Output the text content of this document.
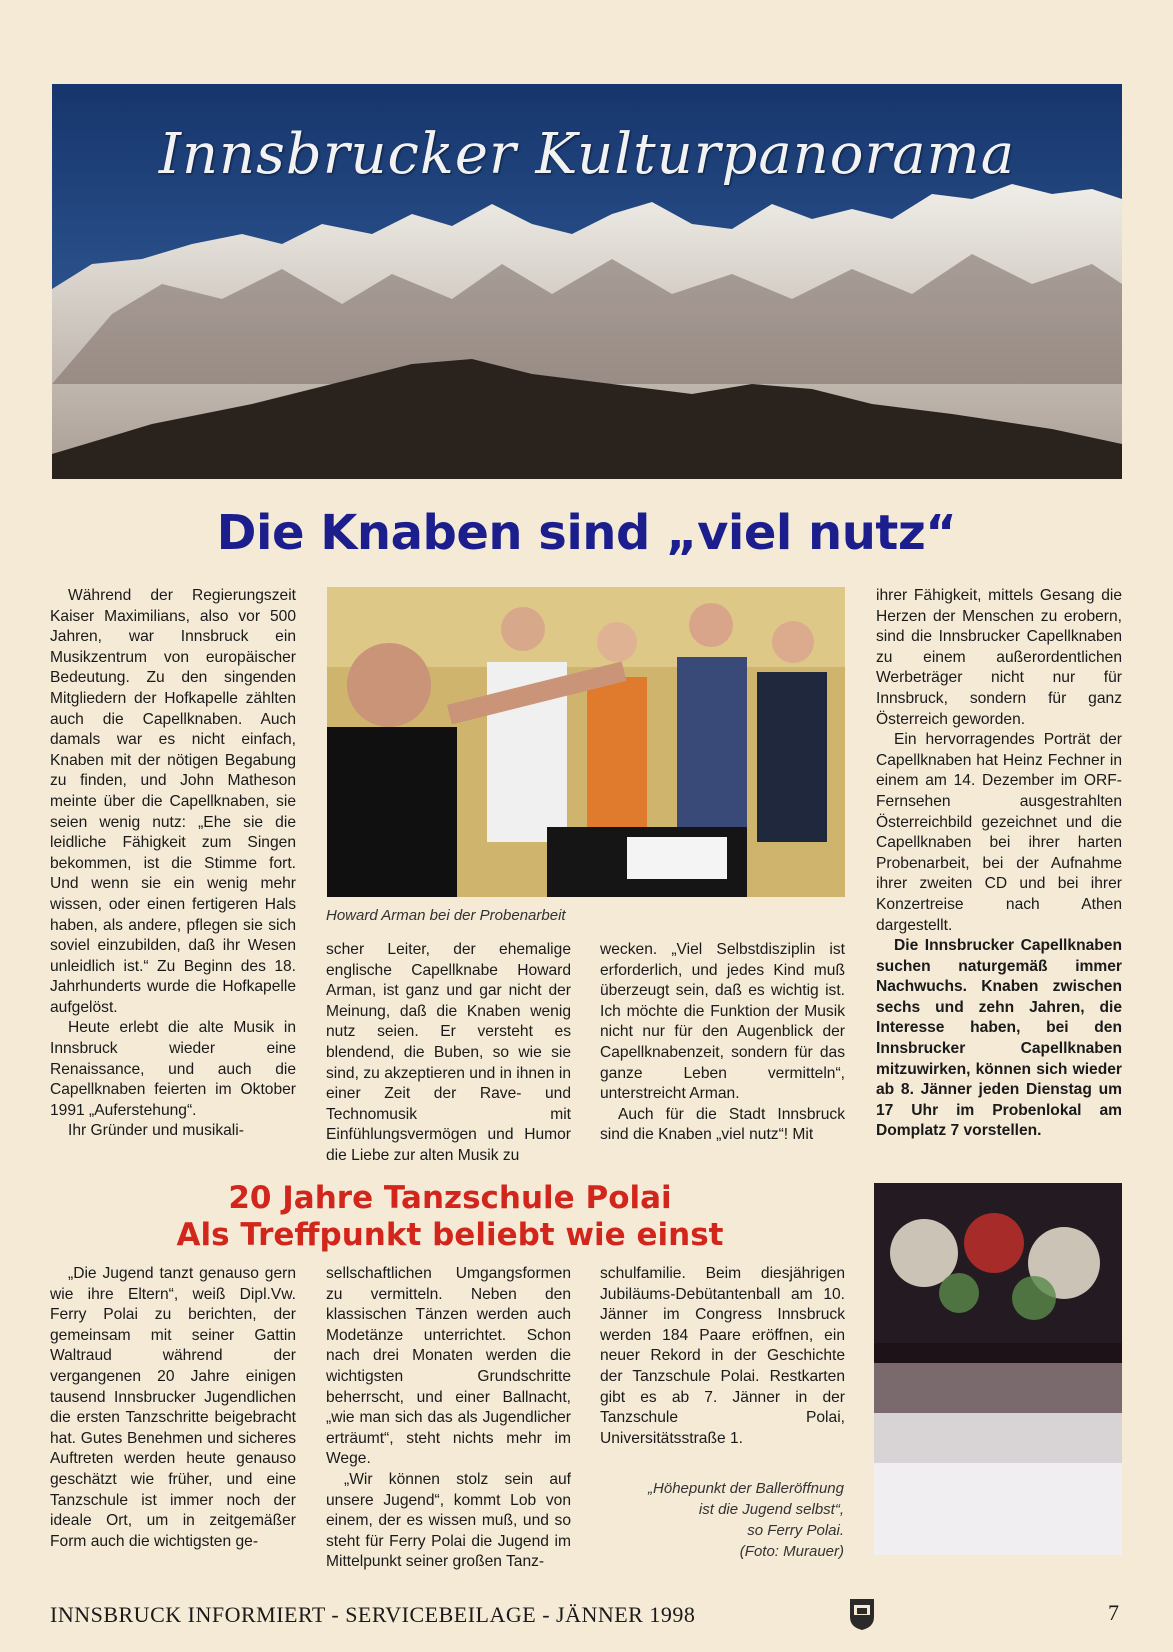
Innsbrucker Kulturpanorama
Die Knaben sind „viel nutz“

Während der Regierungszeit Kaiser Maximilians, also vor 500 Jahren, war Innsbruck ein Musikzentrum von europäischer Bedeutung. Zu den singenden Mitgliedern der Hofkapelle zählten auch die Capellknaben. Auch damals war es nicht einfach, Knaben mit der nötigen Begabung zu finden, und John Matheson meinte über die Capellknaben, sie seien wenig nutz: „Ehe sie die leidliche Fähigkeit zum Singen bekommen, ist die Stimme fort. Und wenn sie ein wenig mehr wissen, oder einen fertigeren Hals haben, als andere, pflegen sie sich soviel einzubilden, daß ihr Wesen unleidlich ist.“ Zu Beginn des 18. Jahrhunderts wurde die Hofkapelle aufgelöst.

Heute erlebt die alte Musik in Innsbruck wieder eine Renaissance, und auch die Capellknaben feierten im Oktober 1991 „Auferstehung“.

Ihr Gründer und musikali-

Howard Arman bei der Probenarbeit

scher Leiter, der ehemalige englische Capellknabe Howard Arman, ist ganz und gar nicht der Meinung, daß die Knaben wenig nutz seien. Er versteht es blendend, die Buben, so wie sie sind, zu akzeptieren und in ihnen in einer Zeit der Rave- und Technomusik mit Einfühlungsvermögen und Humor die Liebe zur alten Musik zu

wecken. „Viel Selbstdisziplin ist erforderlich, und jedes Kind muß überzeugt sein, daß es wichtig ist. Ich möchte die Funktion der Musik nicht nur für den Augenblick der Capellknabenzeit, sondern für das ganze Leben vermitteln“, unterstreicht Arman.

Auch für die Stadt Innsbruck sind die Knaben „viel nutz“! Mit

ihrer Fähigkeit, mittels Gesang die Herzen der Menschen zu erobern, sind die Innsbrucker Capellknaben zu einem außerordentlichen Werbeträger nicht nur für Innsbruck, sondern für ganz Österreich geworden.

Ein hervorragendes Porträt der Capellknaben hat Heinz Fechner in einem am 14. Dezember im ORF-Fernsehen ausgestrahlten Österreichbild gezeichnet und die Capellknaben bei ihrer harten Probenarbeit, bei der Aufnahme ihrer zweiten CD und bei ihrer Konzertreise nach Athen dargestellt.

Die Innsbrucker Capellknaben suchen naturgemäß immer Nachwuchs. Knaben zwischen sechs und zehn Jahren, die Interesse haben, bei den Innsbrucker Capellknaben mitzuwirken, können sich wieder ab 8. Jänner jeden Dienstag um 17 Uhr im Probenlokal am Domplatz 7 vorstellen.

20 Jahre Tanzschule Polai
Als Treffpunkt beliebt wie einst

„Die Jugend tanzt genauso gern wie ihre Eltern“, weiß Dipl.Vw. Ferry Polai zu berichten, der gemeinsam mit seiner Gattin Waltraud während der vergangenen 20 Jahre einigen tausend Innsbrucker Jugendlichen die ersten Tanzschritte beigebracht hat. Gutes Benehmen und sicheres Auftreten werden heute genauso geschätzt wie früher, und eine Tanzschule ist immer noch der ideale Ort, um in zeitgemäßer Form auch die wichtigsten ge-

sellschaftlichen Umgangsformen zu vermitteln. Neben den klassischen Tänzen werden auch Modetänze unterrichtet. Schon nach drei Monaten werden die wichtigsten Grundschritte beherrscht, und einer Ballnacht, „wie man sich das als Jugendlicher erträumt“, steht nichts mehr im Wege.

„Wir können stolz sein auf unsere Jugend“, kommt Lob von einem, der es wissen muß, und so steht für Ferry Polai die Jugend im Mittelpunkt seiner großen Tanz-

schulfamilie. Beim diesjährigen Jubiläums-Debütantenball am 10. Jänner im Congress Innsbruck werden 184 Paare eröffnen, ein neuer Rekord in der Geschichte der Tanzschule Polai. Restkarten gibt es ab 7. Jänner in der Tanzschule Polai, Universitätsstraße 1.

„Höhepunkt der Balleröffnung
ist die Jugend selbst“,
so Ferry Polai.
(Foto: Murauer)
INNSBRUCK INFORMIERT - SERVICEBEILAGE - JÄNNER 1998	7
